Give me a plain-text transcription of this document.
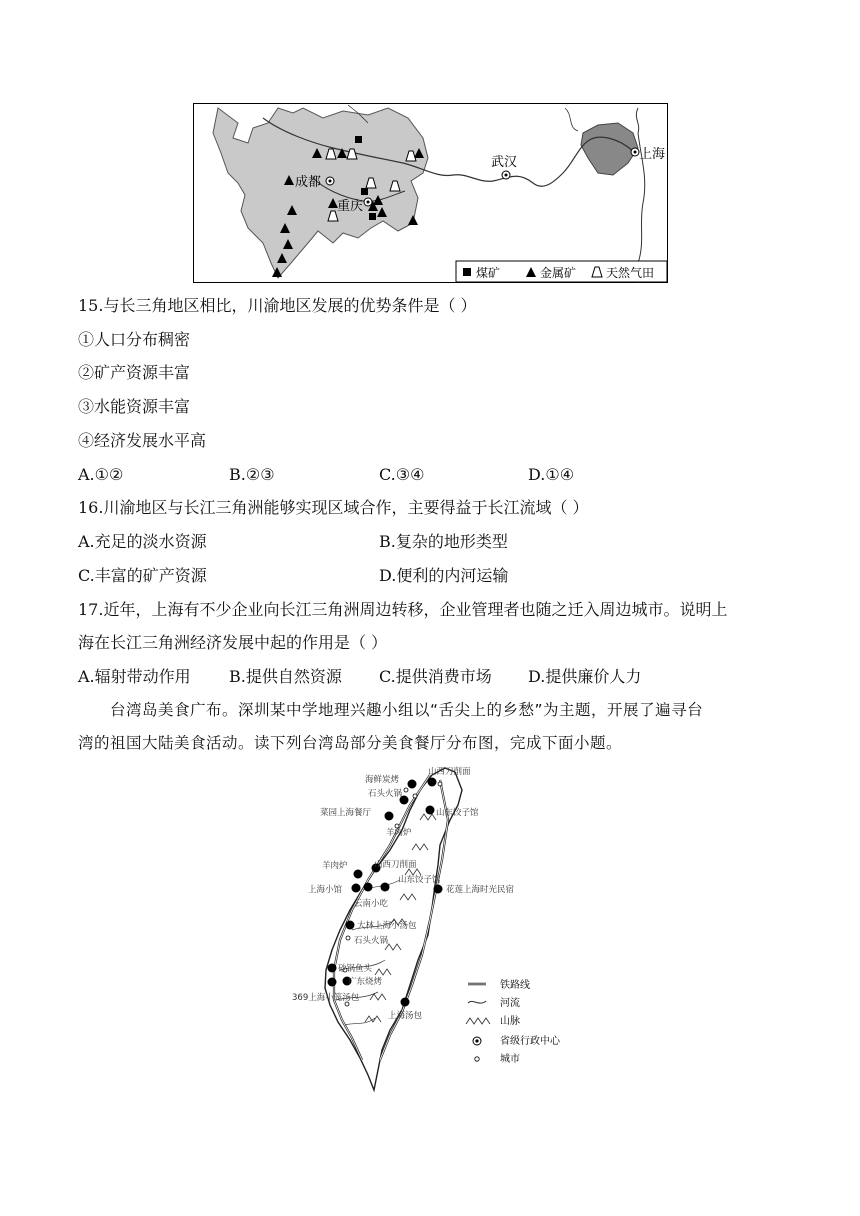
成都
重庆
武汉
上海
煤矿	金属矿 天然气田
15.与长三角地区相比，川渝地区发展的优势条件是（ ）
①人口分布稠密
②矿产资源丰富
③水能资源丰富
④经济发展水平高
A.①②	B.②③	C.③④	D.①④
16.川渝地区与长江三角洲能够实现区域合作，主要得益于长江流域（ ）
A.充足的淡水资源	B.复杂的地形类型
C.丰富的矿产资源	D.便利的内河运输
17.近年，上海有不少企业向长江三角洲周边转移，企业管理者也随之迁入周边城市。说明上
海在长江三角洲经济发展中起的作用是（ ）
A.辐射带动作用 B.提供自然资源 C.提供消费市场 D.提供廉价人力
台湾岛美食广布。深圳某中学地理兴趣小组以“舌尖上的乡愁”为主题，开展了遍寻台
湾的祖国大陆美食活动。读下列台湾岛部分美食餐厅分布图，完成下面小题。
海鲜炭烤
石头火锅
山西刀削面
菜园上海餐厅	山东饺子馆
羊肉炉
羊肉炉	山西刀削面
上海小馆
山东饺子馆
云南小吃
花莲上海时光民宿
大林上海小汤包
石头火锅
砂锅鱼头
广东烧烤
369上海小笼汤包
上海汤包
铁路线
河流
山脉
省级行政中心
城市
